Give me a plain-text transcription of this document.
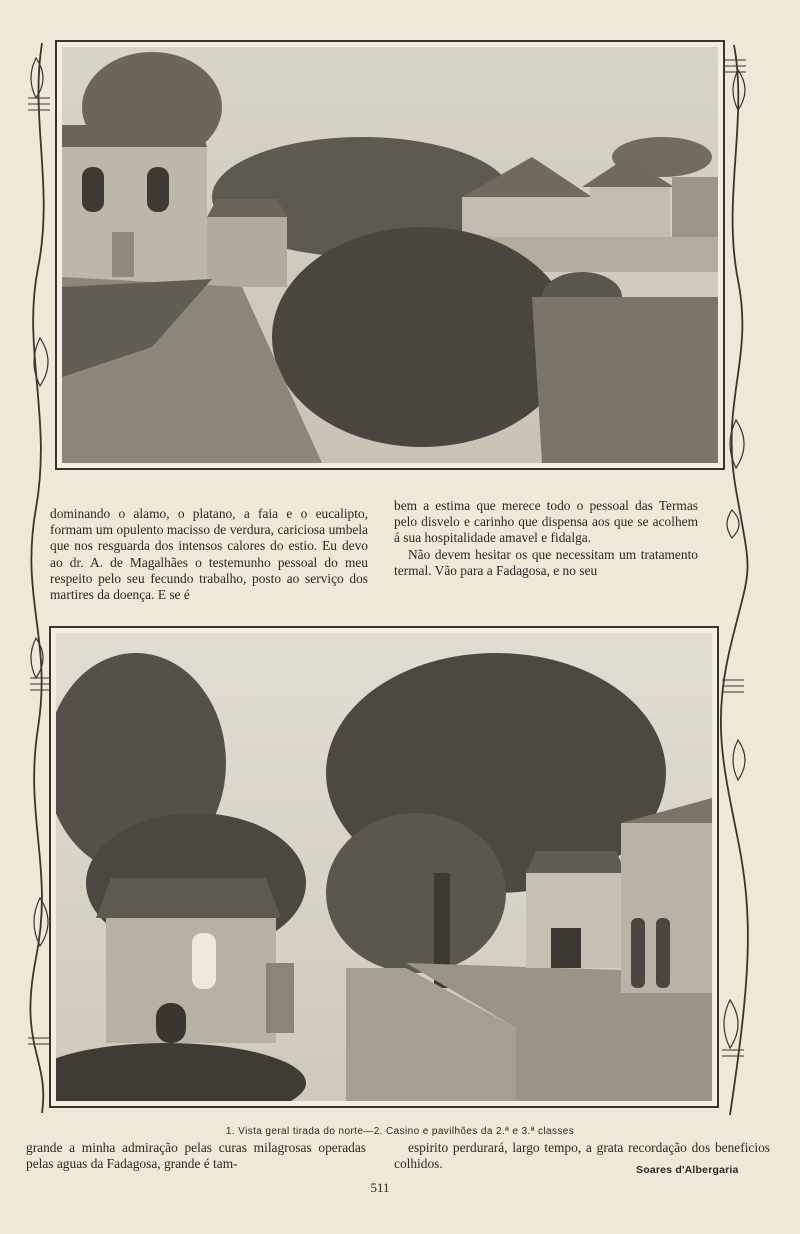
dominando o alamo, o platano, a faia e o eucalipto, formam um opulento macisso de verdura, cariciosa umbela que nos resguarda dos intensos calores do estio. Eu devo ao dr. A. de Magalhães o testemunho pessoal do meu respeito pelo seu fecundo trabalho, posto ao serviço dos martires da doença. E se é

bem a estima que merece todo o pessoal das Termas pelo disvelo e carinho que dispensa aos que se acolhem á sua hospitalidade amavel e fidalga.

Não devem hesitar os que necessitam um tratamento termal. Vão para a Fadagosa, e no seu

1. Vista geral tirada do norte—2. Casino e pavilhões da 2.ª e 3.ª classes

grande a minha admiração pelas curas milagrosas operadas pelas aguas da Fadagosa, grande é tam-

espirito perdurará, largo tempo, a grata recordação dos beneficios colhidos.	Soares d'Albergaria
511
